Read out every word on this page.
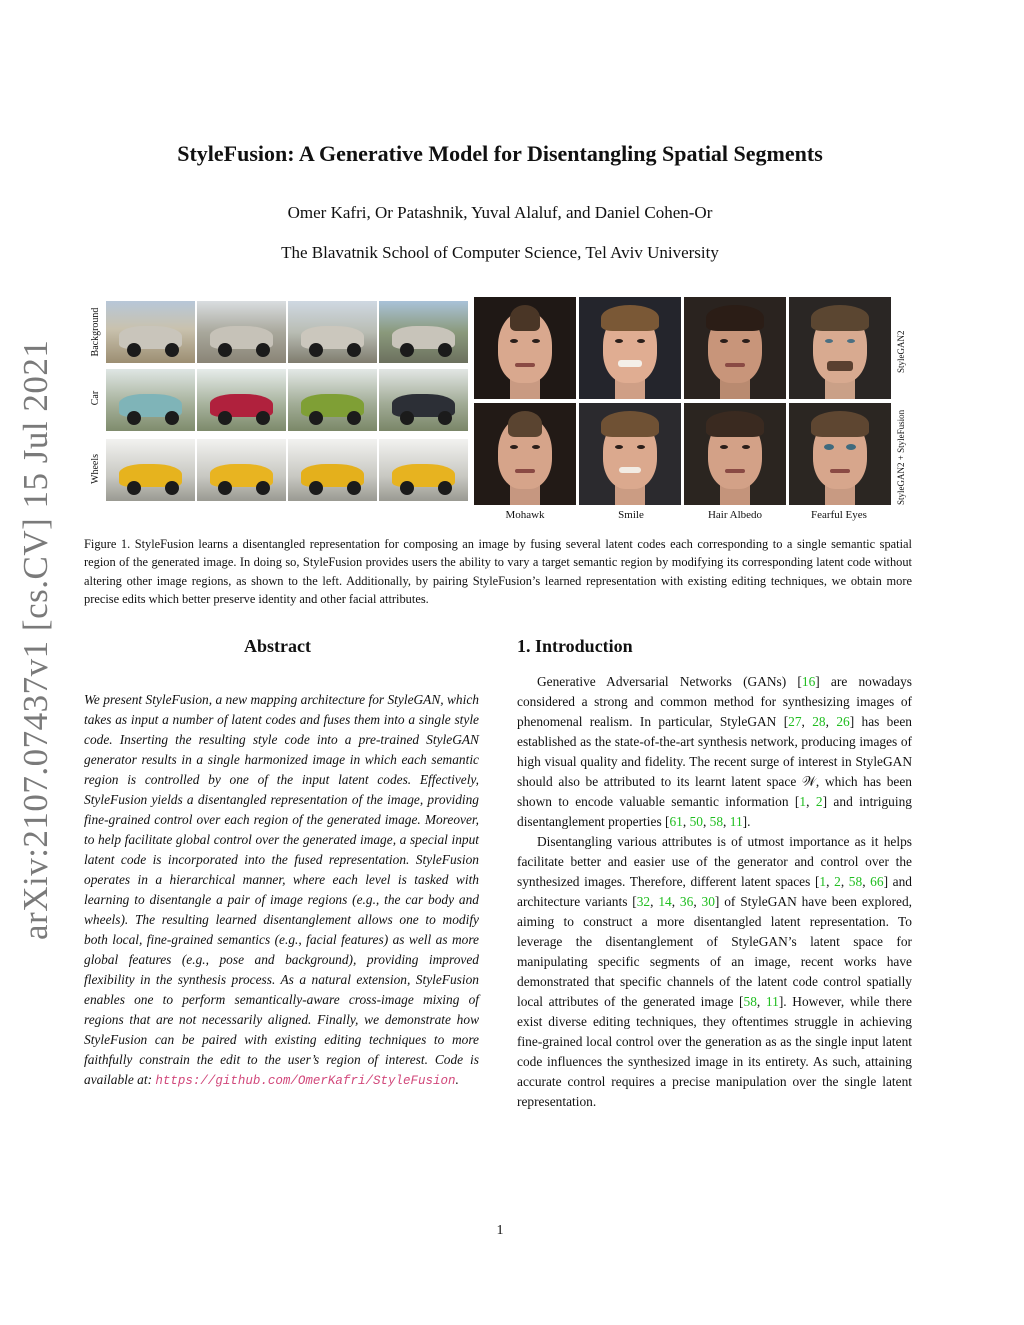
arXiv:2107.07437v1 [cs.CV] 15 Jul 2021
StyleFusion: A Generative Model for Disentangling Spatial Segments
Omer Kafri, Or Patashnik, Yuval Alaluf, and Daniel Cohen-Or
The Blavatnik School of Computer Science, Tel Aviv University
Background
Car
Wheels
StyleGAN2
StyleGAN2 + StyleFusion
Mohawk	Smile	Hair Albedo	Fearful Eyes
Figure 1. StyleFusion learns a disentangled representation for composing an image by fusing several latent codes each corresponding to a single semantic spatial region of the generated image. In doing so, StyleFusion provides users the ability to vary a target semantic region by modifying its corresponding latent code without altering other image regions, as shown to the left. Additionally, by pairing StyleFusion’s learned representation with existing editing techniques, we obtain more precise edits which better preserve identity and other facial attributes.
Abstract	1. Introduction
We present StyleFusion, a new mapping architecture for StyleGAN, which takes as input a number of latent codes and fuses them into a single style code. Inserting the resulting style code into a pre-trained StyleGAN generator results in a single harmonized image in which each semantic region is controlled by one of the input latent codes. Effectively, StyleFusion yields a disentangled representation of the image, providing fine-grained control over each region of the generated image. Moreover, to help facilitate global control over the generated image, a special input latent code is incorporated into the fused representation. StyleFusion operates in a hierarchical manner, where each level is tasked with learning to disentangle a pair of image regions (e.g., the car body and wheels). The resulting learned disentanglement allows one to modify both local, fine-grained semantics (e.g., facial features) as well as more global features (e.g., pose and background), providing improved flexibility in the synthesis process. As a natural extension, StyleFusion enables one to perform semantically-aware cross-image mixing of regions that are not necessarily aligned. Finally, we demonstrate how StyleFusion can be paired with existing editing techniques to more faithfully constrain the edit to the user’s region of interest. Code is available at: https://github.com/OmerKafri/StyleFusion.

Generative Adversarial Networks (GANs) [16] are nowadays considered a strong and common method for synthesizing images of phenomenal realism. In particular, StyleGAN [27, 28, 26] has been established as the state-of-the-art synthesis network, producing images of high visual quality and fidelity. The recent surge of interest in StyleGAN should also be attributed to its learnt latent space 𝒲, which has been shown to encode valuable semantic information [1, 2] and intriguing disentanglement properties [61, 50, 58, 11].

Disentangling various attributes is of utmost importance as it helps facilitate better and easier use of the generator and control over the synthesized images. Therefore, different latent spaces [1, 2, 58, 66] and architecture variants [32, 14, 36, 30] of StyleGAN have been explored, aiming to construct a more disentangled latent representation. To leverage the disentanglement of StyleGAN’s latent space for manipulating specific segments of an image, recent works have demonstrated that specific channels of the latent code control spatially local attributes of the generated image [58, 11]. However, while there exist diverse editing techniques, they oftentimes struggle in achieving fine-grained local control over the generation as as the single input latent code influences the synthesized image in its entirety. As such, attaining accurate control requires a precise manipulation over the single latent representation.

1
